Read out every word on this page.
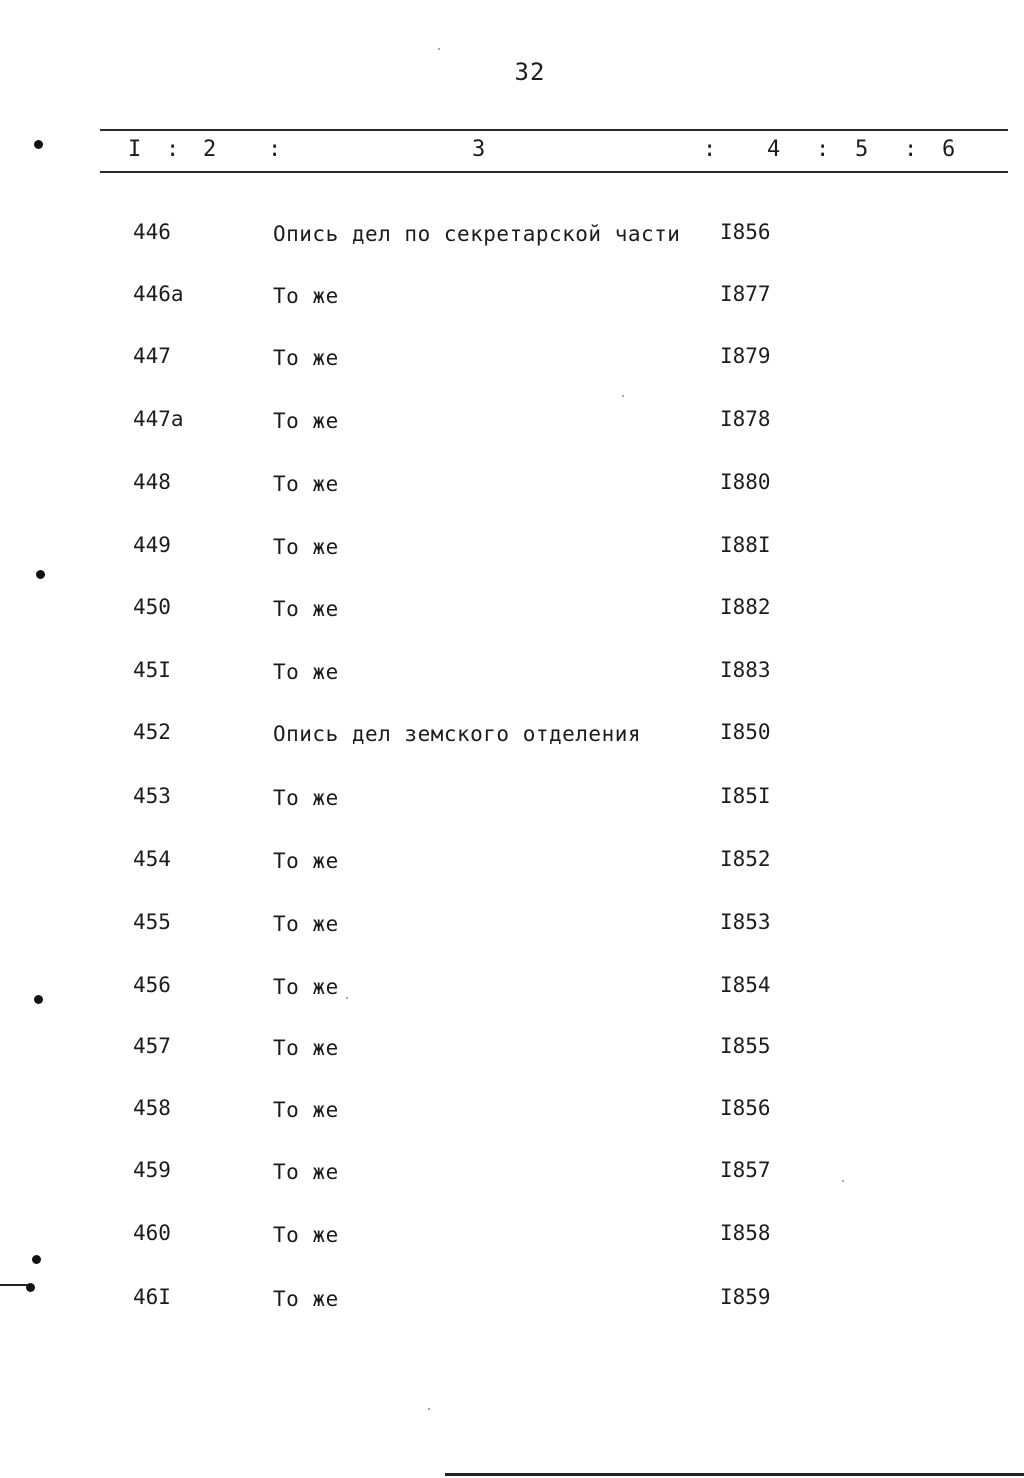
32
I : 2 :	3	: 4 : 5 : 6
446	Опись дел по секретарской части I856
446а	То же	I877
447	То же	I879
447а	То же	I878
448	То же	I880
449	То же	I88I
450	То же	I882
45I	То же	I883
452	Опись дел земского отделения	I850
453	То же	I85I
454	То же	I852
455	То же	I853
456	То же	I854
457	То же	I855
458	То же	I856
459	То же	I857
460	То же	I858
46I	То же	I859
